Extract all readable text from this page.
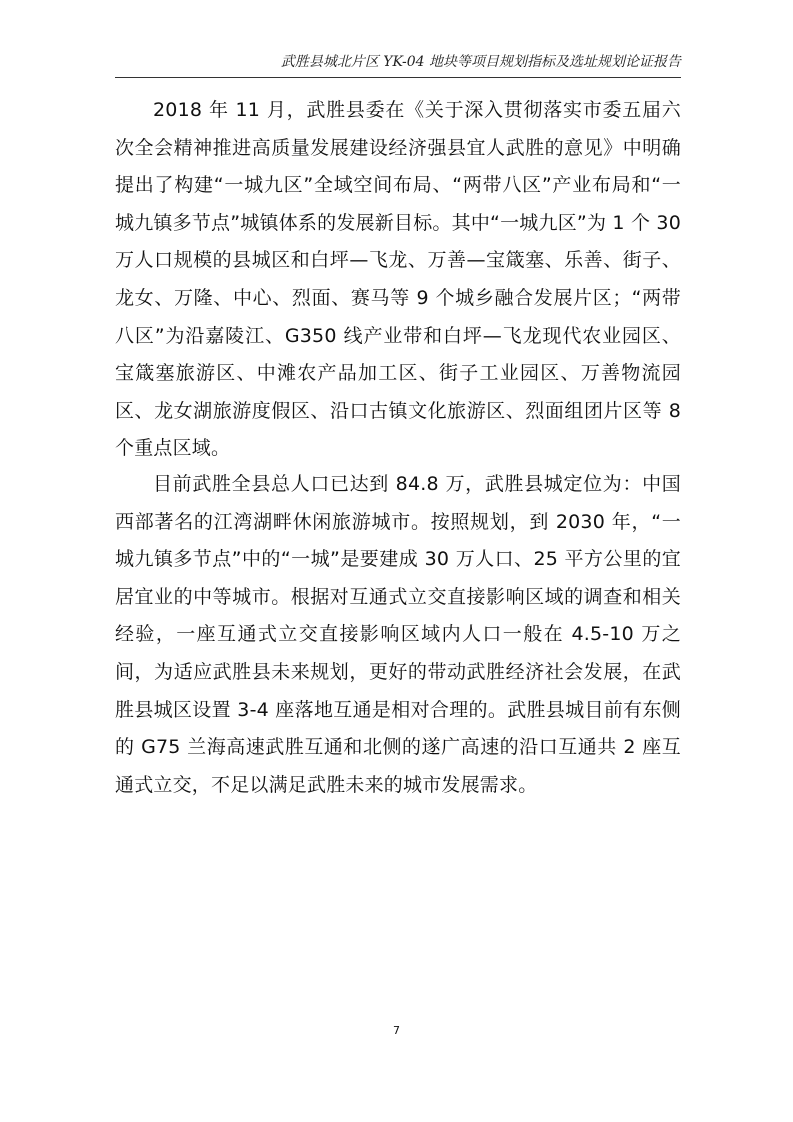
武胜县城北片区 YK-04 地块等项目规划指标及选址规划论证报告

2018 年 11 月，武胜县委在《关于深入贯彻落实市委五届六次全会精神推进高质量发展建设经济强县宜人武胜的意见》中明确提出了构建“一城九区”全域空间布局、“两带八区”产业布局和“一城九镇多节点”城镇体系的发展新目标。其中“一城九区”为 1 个 30 万人口规模的县城区和白坪—飞龙、万善—宝箴塞、乐善、街子、龙女、万隆、中心、烈面、赛马等 9 个城乡融合发展片区；“两带八区”为沿嘉陵江、G350 线产业带和白坪—飞龙现代农业园区、宝箴塞旅游区、中滩农产品加工区、街子工业园区、万善物流园区、龙女湖旅游度假区、沿口古镇文化旅游区、烈面组团片区等 8 个重点区域。

目前武胜全县总人口已达到 84.8 万，武胜县城定位为：中国西部著名的江湾湖畔休闲旅游城市。按照规划，到 2030 年，“一城九镇多节点”中的“一城”是要建成 30 万人口、25 平方公里的宜居宜业的中等城市。根据对互通式立交直接影响区域的调查和相关经验，一座互通式立交直接影响区域内人口一般在 4.5-10 万之间，为适应武胜县未来规划，更好的带动武胜经济社会发展，在武胜县城区设置 3-4 座落地互通是相对合理的。武胜县城目前有东侧的 G75 兰海高速武胜互通和北侧的遂广高速的沿口互通共 2 座互通式立交，不足以满足武胜未来的城市发展需求。

7
